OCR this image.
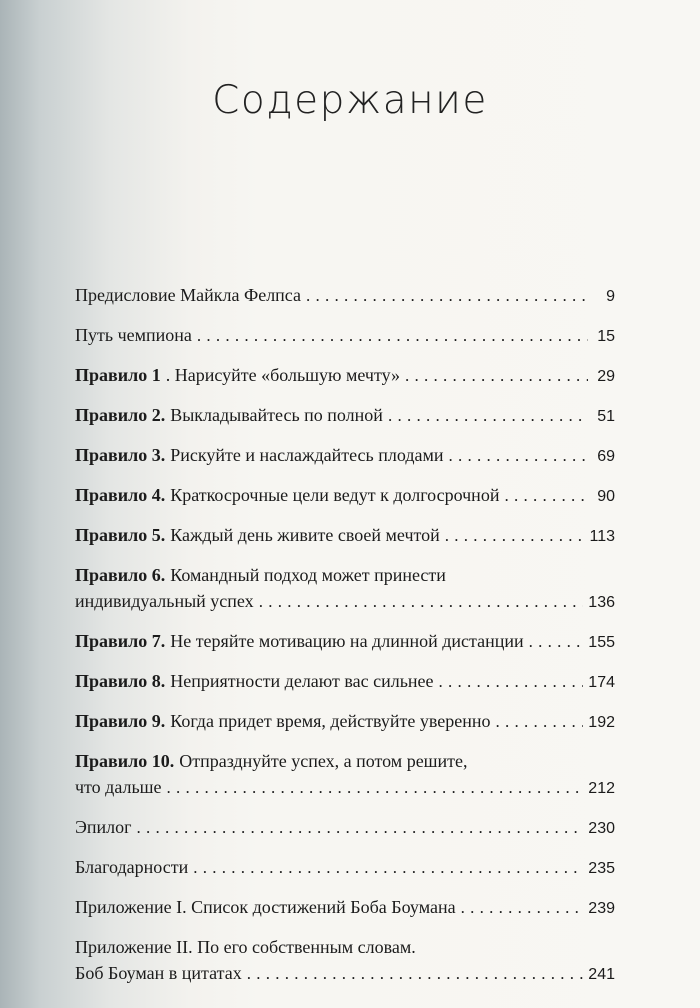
Содержание
Предисловие Майкла Фелпса . . .	9
Путь чемпиона . . .	15
Правило 1 . Нарисуйте «большую мечту» . . .	29
Правило 2. Выкладывайтесь по полной . . .	51
Правило 3. Рискуйте и наслаждайтесь плодами . . .	69
Правило 4. Краткосрочные цели ведут к долгосрочной . . .	90
Правило 5. Каждый день живите своей мечтой . . .	113
Правило 6. Командный подход может принести
индивидуальный успех . . .	136
Правило 7. Не теряйте мотивацию на длинной дистанции . . .	155
Правило 8. Неприятности делают вас сильнее . . .	174
Правило 9. Когда придет время, действуйте уверенно . . .	192
Правило 10. Отпразднуйте успех, а потом решите,
что дальше . . .	212
Эпилог . . .	230
Благодарности . . .	235
Приложение I. Список достижений Боба Боумана . . .	239
Приложение II. По его собственным словам.
Боб Боуман в цитатах . . .	241
